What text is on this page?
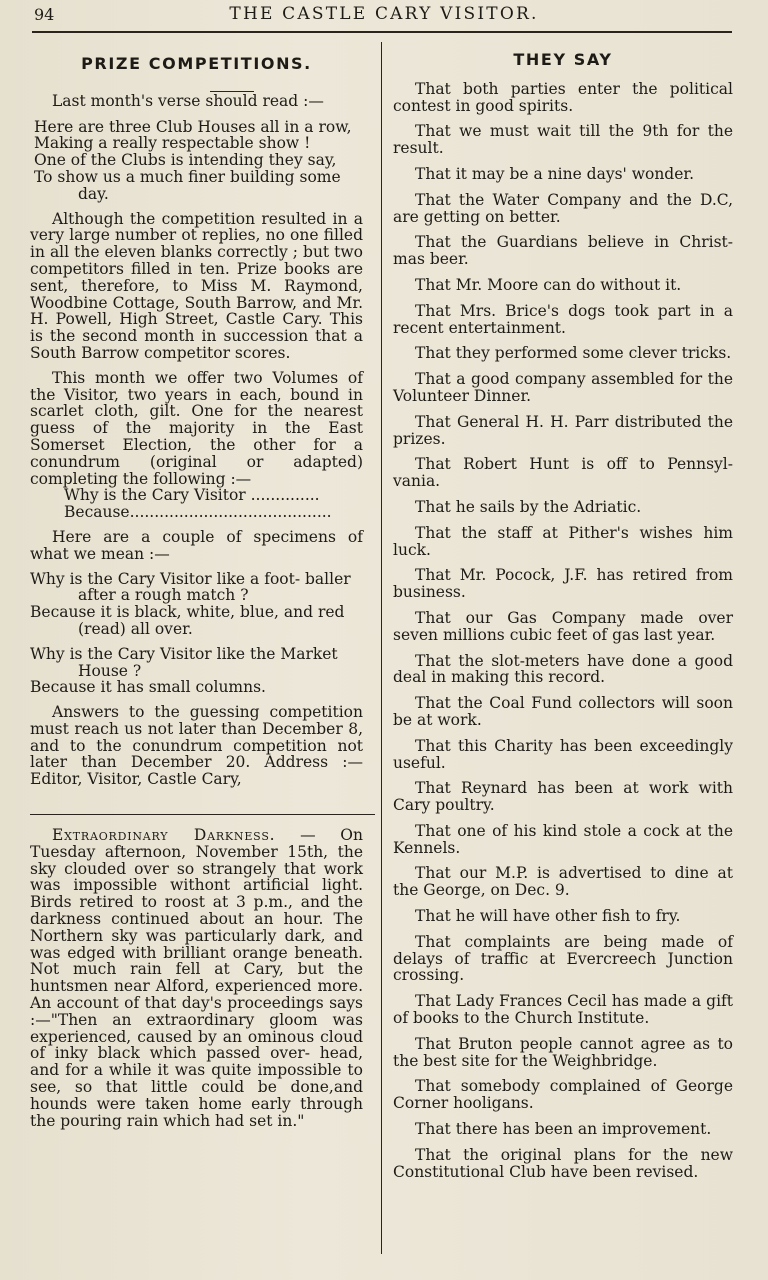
94	THE CASTLE CARY VISITOR.
PRIZE COMPETITIONS.

Last month's verse should read :—

Here are three Club Houses all in a row,
Making a really respectable show !
One of the Clubs is intending they say,
To show us a much finer building some
day.

Although the competition resulted in a very large number ot replies, no one filled in all the eleven blanks correctly ; but two competitors filled in ten. Prize books are sent, therefore, to Miss M. Raymond, Woodbine Cottage, South Barrow, and Mr. H. Powell, High Street, Castle Cary. This is the second month in succession that a South Barrow competitor scores.

This month we offer two Volumes of the Visitor, two years in each, bound in scarlet cloth, gilt. One for the nearest guess of the majority in the East Somerset Election, the other for a conundrum (original or adapted) completing the following :—

Why is the Cary Visitor ..............
Because.........................................

Here are a couple of specimens of what we mean :—

Why is the Cary Visitor like a foot- baller after a rough match ?

Because it is black, white, blue, and red (read) all over.

Why is the Cary Visitor like the Market House ?

Because it has small columns.

Answers to the guessing competition must reach us not later than December 8, and to the conundrum competition not later than December 20. Address :— Editor, Visitor, Castle Cary,

Extraordinary Darkness. — On Tuesday afternoon, November 15th, the sky clouded over so strangely that work was impossible withont artificial light. Birds retired to roost at 3 p.m., and the darkness continued about an hour. The Northern sky was particularly dark, and was edged with brilliant orange beneath. Not much rain fell at Cary, but the huntsmen near Alford, experienced more. An account of that day's proceedings says :—"Then an extraordinary gloom was experienced, caused by an ominous cloud of inky black which passed over- head, and for a while it was quite impossible to see, so that little could be done,and hounds were taken home early through the pouring rain which had set in."

THEY SAY

That both parties enter the political contest in good spirits.

That we must wait till the 9th for the result.

That it may be a nine days' wonder.

That the Water Company and the D.C, are getting on better.

That the Guardians believe in Christ- mas beer.

That Mr. Moore can do without it.

That Mrs. Brice's dogs took part in a recent entertainment.

That they performed some clever tricks.

That a good company assembled for the Volunteer Dinner.

That General H. H. Parr distributed the prizes.

That Robert Hunt is off to Pennsyl- vania.

That he sails by the Adriatic.

That the staff at Pither's wishes him luck.

That Mr. Pocock, J.F. has retired from business.

That our Gas Company made over seven millions cubic feet of gas last year.

That the slot-meters have done a good deal in making this record.

That the Coal Fund collectors will soon be at work.

That this Charity has been exceedingly useful.

That Reynard has been at work with Cary poultry.

That one of his kind stole a cock at the Kennels.

That our M.P. is advertised to dine at the George, on Dec. 9.

That he will have other fish to fry.

That complaints are being made of delays of traffic at Evercreech Junction crossing.

That Lady Frances Cecil has made a gift of books to the Church Institute.

That Bruton people cannot agree as to the best site for the Weighbridge.

That somebody complained of George Corner hooligans.

That there has been an improvement.

That the original plans for the new Constitutional Club have been revised.
